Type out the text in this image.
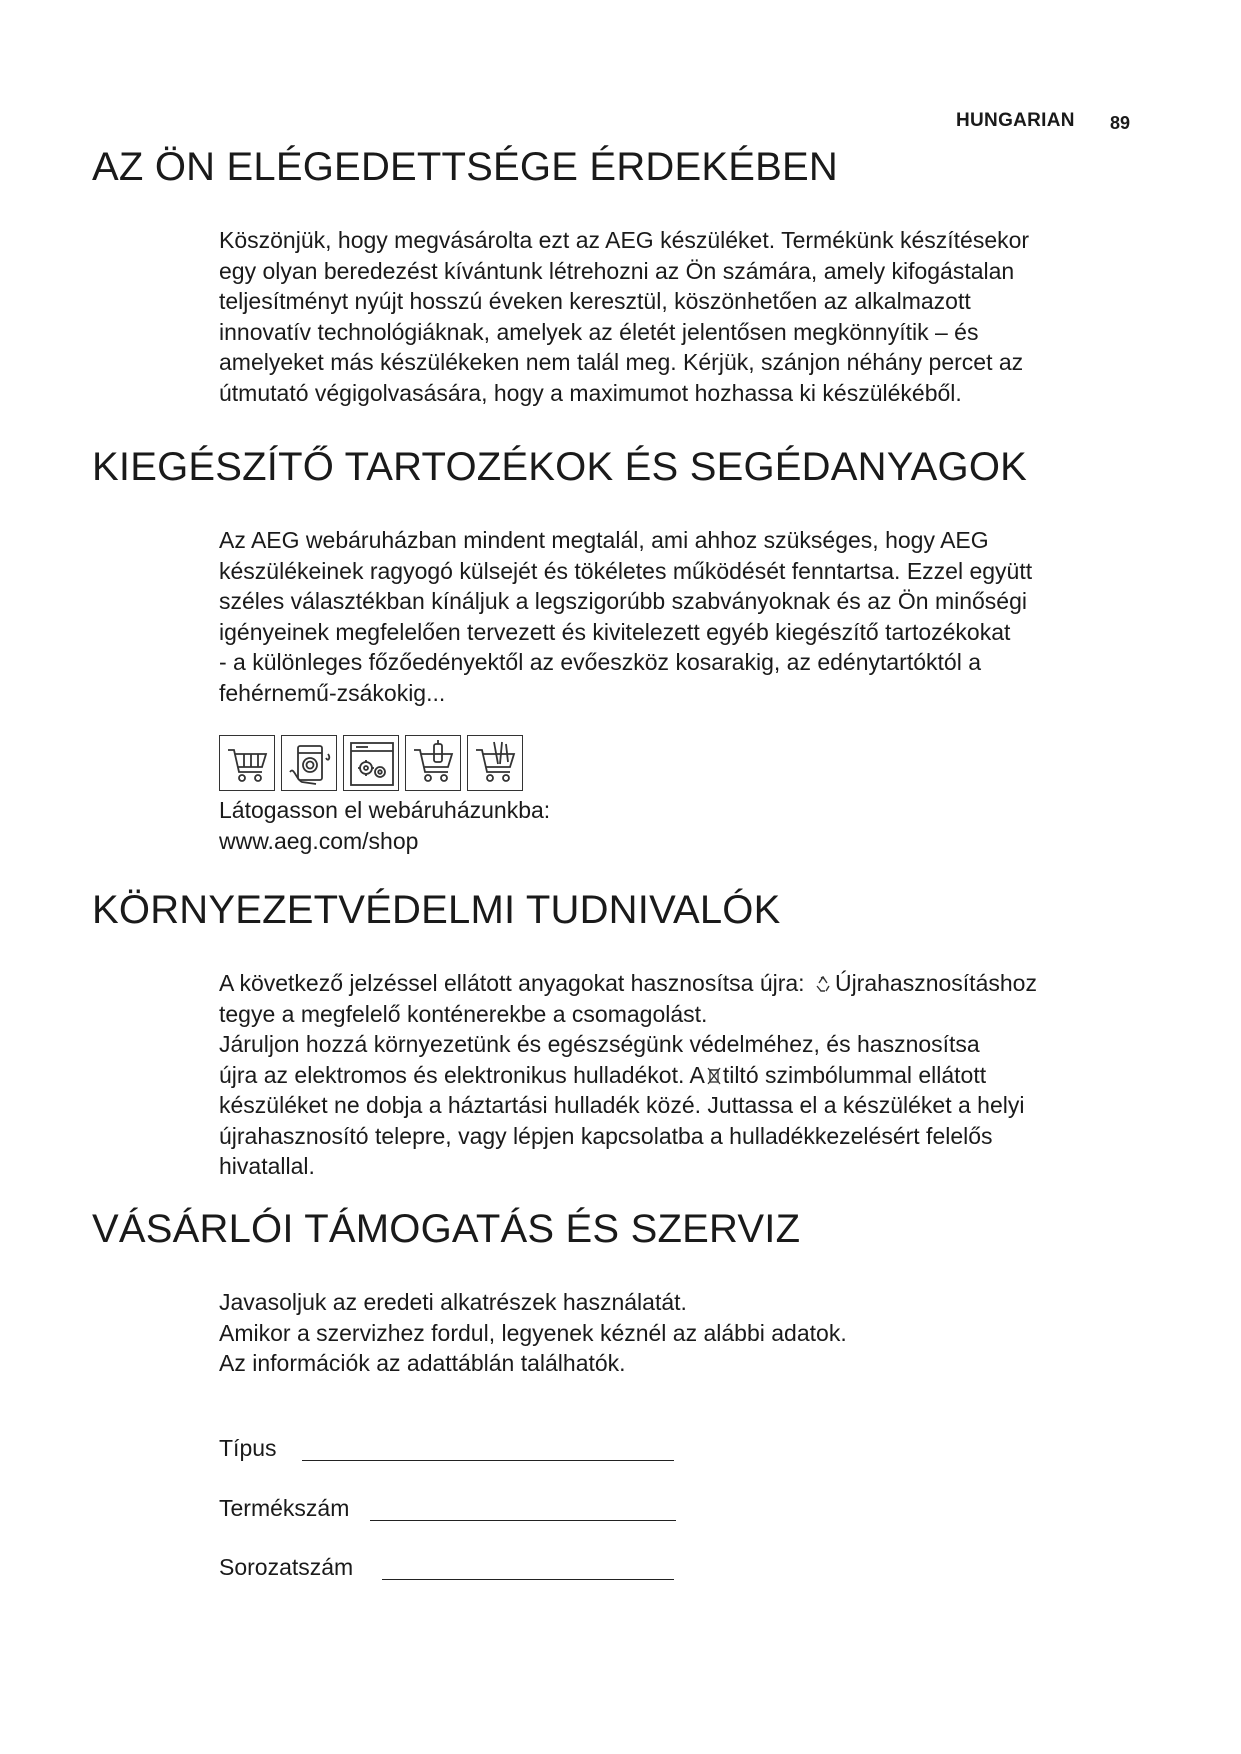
HUNGARIAN 89
AZ ÖN ELÉGEDETTSÉGE ÉRDEKÉBEN
Köszönjük, hogy megvásárolta ezt az AEG készüléket. Termékünk készítésekor
egy olyan beredezést kívántunk létrehozni az Ön számára, amely kifogástalan
teljesítményt nyújt hosszú éveken keresztül, köszönhetően az alkalmazott
innovatív technológiáknak, amelyek az életét jelentősen megkönnyítik – és
amelyeket más készülékeken nem talál meg. Kérjük, szánjon néhány percet az
útmutató végigolvasására, hogy a maximumot hozhassa ki készülékéből.
KIEGÉSZÍTŐ TARTOZÉKOK ÉS SEGÉDANYAGOK
Az AEG webáruházban mindent megtalál, ami ahhoz szükséges, hogy AEG
készülékeinek ragyogó külsejét és tökéletes működését fenntartsa. Ezzel együtt
széles választékban kínáljuk a legszigorúbb szabványoknak és az Ön minőségi
igényeinek megfelelően tervezett és kivitelezett egyéb kiegészítő tartozékokat
- a különleges főzőedényektől az evőeszköz kosarakig, az edénytartóktól a
fehérnemű-zsákokig...
Látogasson el webáruházunkba:
www.aeg.com/shop
KÖRNYEZETVÉDELMI TUDNIVALÓK
A következő jelzéssel ellátott anyagokat hasznosítsa újra: Újrahasznosításhoz
tegye a megfelelő konténerekbe a csomagolást.
Járuljon hozzá környezetünk és egészségünk védelméhez, és hasznosítsa
újra az elektromos és elektronikus hulladékot. A tiltó szimbólummal ellátott
készüléket ne dobja a háztartási hulladék közé. Juttassa el a készüléket a helyi
újrahasznosító telepre, vagy lépjen kapcsolatba a hulladékkezelésért felelős
hivatallal.
VÁSÁRLÓI TÁMOGATÁS ÉS SZERVIZ
Javasoljuk az eredeti alkatrészek használatát.
Amikor a szervizhez fordul, legyenek kéznél az alábbi adatok.
Az információk az adattáblán találhatók.
Típus
Termékszám
Sorozatszám
